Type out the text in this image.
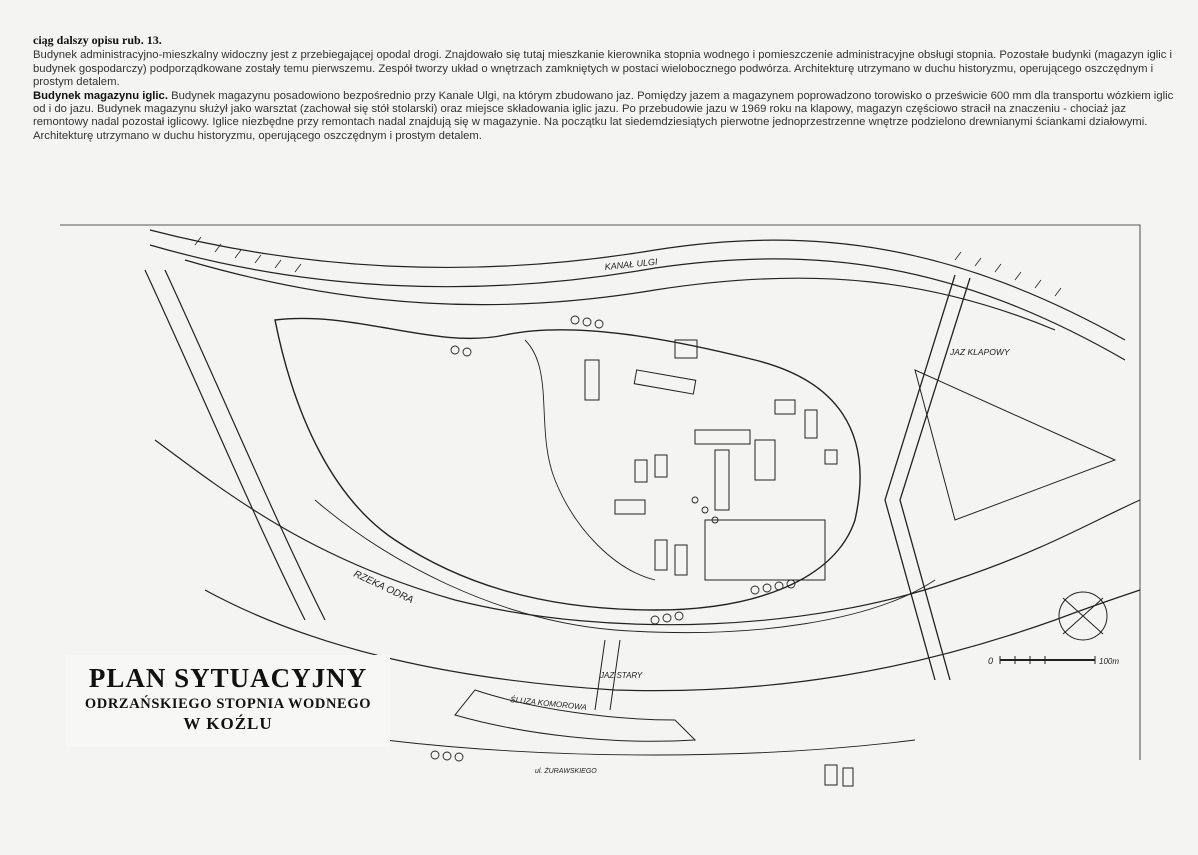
ciąg dalszy opisu rub. 13.
Budynek administracyjno-mieszkalny widoczny jest z przebiegającej opodal drogi. Znajdowało się tutaj mieszkanie kierownika stopnia wodnego i pomieszczenie administracyjne obsługi stopnia. Pozostałe budynki (magazyn iglic i budynek gospodarczy) podporządkowane zostały temu pierwszemu. Zespół tworzy układ o wnętrzach zamkniętych w postaci wielobocznego podwórza. Architekturę utrzymano w duchu historyzmu, operującego oszczędnym i prostym detalem.
Budynek magazynu iglic. Budynek magazynu posadowiono bezpośrednio przy Kanale Ulgi, na którym zbudowano jaz. Pomiędzy jazem a magazynem poprowadzono torowisko o prześwicie 600 mm dla transportu wózkiem iglic od i do jazu. Budynek magazynu służył jako warsztat (zachował się stół stolarski) oraz miejsce składowania iglic jazu. Po przebudowie jazu w 1969 roku na klapowy, magazyn częściowo stracił na znaczeniu - chociaż jaz remontowy nadal pozostał iglicowy. Iglice niezbędne przy remontach nadal znajdują się w magazynie. Na początku lat siedemdziesiątych pierwotne jednoprzestrzenne wnętrze podzielono drewnianymi ściankami działowymi. Architekturę utrzymano w duchu historyzmu, operującego oszczędnym i prostym detalem.
KANAŁ ULGI
JAZ KLAPOWY
RZEKA ODRA
JAZ STARY
ŚLUZA KOMOROWA
ul. ŻURAWSKIEGO
0	100m
PLAN SYTUACYJNY
ODRZAŃSKIEGO STOPNIA WODNEGO
W KOŹLU
